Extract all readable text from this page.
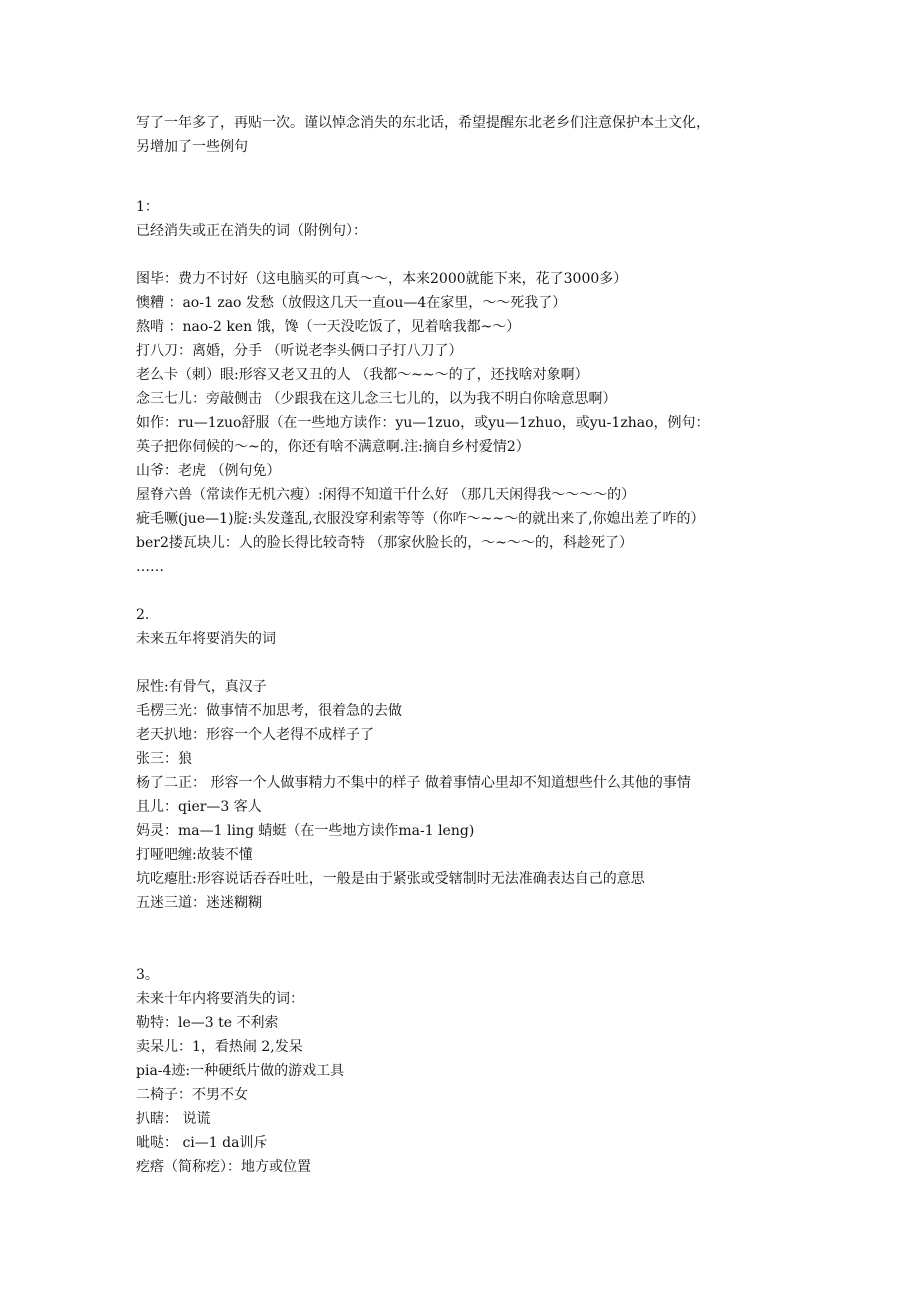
写了一年多了，再贴一次。谨以悼念消失的东北话，希望提醒东北老乡们注意保护本土文化，
另增加了一些例句
1：
已经消失或正在消失的词（附例句）：
图毕：费力不讨好（这电脑买的可真～～，本来2000就能下来，花了3000多）
懊糟 ：ao-1 zao 发愁（放假这几天一直ou—4在家里，～～死我了）
熬啃 ：nao-2 ken 饿，馋（一天没吃饭了，见着啥我都~～）
打八刀：离婚，分手 （听说老李头俩口子打八刀了）
老么卡（刺）眼:形容又老又丑的人 （我都～~~～的了，还找啥对象啊）
念三七儿：旁敲侧击 （少跟我在这儿念三七儿的，以为我不明白你啥意思啊）
如作：ru—1zuo舒服（在一些地方读作：yu—1zuo，或yu—1zhuo，或yu-1zhao，例句：
英子把你伺候的～~的，你还有啥不满意啊.注:摘自乡村爱情2）
山爷：老虎 （例句免）
屋脊六兽（常读作无机六瘦）:闲得不知道干什么好 （那几天闲得我～～～～的）
疵毛噘(jue—1)腚:头发蓬乱,衣服没穿利索等等（你咋～~~～的就出来了,你媳出差了咋的）
ber2搂瓦块儿：人的脸长得比较奇特 （那家伙脸长的，～~～～的，科趁死了）
……
2.
未来五年将要消失的词
尿性:有骨气，真汉子
毛楞三光：做事情不加思考，很着急的去做
老天扒地：形容一个人老得不成样子了
张三：狼
杨了二正： 形容一个人做事精力不集中的样子 做着事情心里却不知道想些什么其他的事情
且儿：qier—3 客人
妈灵：ma—1 ling 蜻蜓（在一些地方读作ma-1 leng)
打哑吧缠:故装不懂
坑吃瘪肚:形容说话吞吞吐吐，一般是由于紧张或受辖制时无法准确表达自己的意思
五迷三道：迷迷糊糊
3。
未来十年内将要消失的词：
勒特：le—3 te 不利索
卖呆儿：1，看热闹 2,发呆
pia-4迹:一种硬纸片做的游戏工具
二椅子：不男不女
扒瞎： 说谎
呲哒： ci—1 da训斥
疙瘩（简称疙）：地方或位置
